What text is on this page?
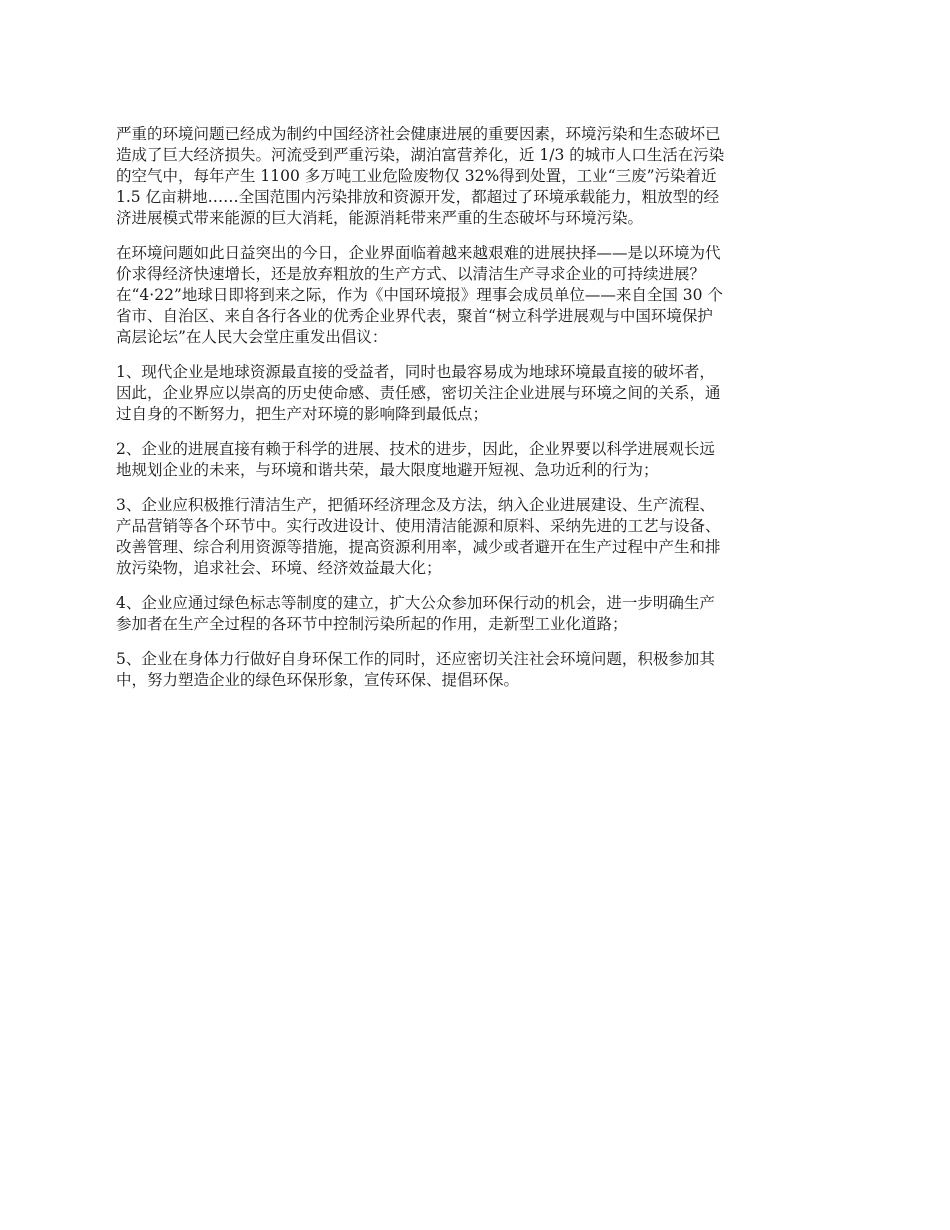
严重的环境问题已经成为制约中国经济社会健康进展的重要因素，环境污染和生态破坏已
造成了巨大经济损失。河流受到严重污染，湖泊富营养化，近 1/3 的城市人口生活在污染
的空气中，每年产生 1100 多万吨工业危险废物仅 32%得到处置，工业“三废”污染着近
1.5 亿亩耕地……全国范围内污染排放和资源开发，都超过了环境承载能力，粗放型的经
济进展模式带来能源的巨大消耗，能源消耗带来严重的生态破坏与环境污染。

在环境问题如此日益突出的今日，企业界面临着越来越艰难的进展抉择——是以环境为代
价求得经济快速增长，还是放弃粗放的生产方式、以清洁生产寻求企业的可持续进展？
在“4·22”地球日即将到来之际，作为《中国环境报》理事会成员单位——来自全国 30 个
省市、自治区、来自各行各业的优秀企业界代表，聚首“树立科学进展观与中国环境保护
高层论坛”在人民大会堂庄重发出倡议：

1、现代企业是地球资源最直接的受益者，同时也最容易成为地球环境最直接的破坏者，
因此，企业界应以崇高的历史使命感、责任感，密切关注企业进展与环境之间的关系，通
过自身的不断努力，把生产对环境的影响降到最低点；

2、企业的进展直接有赖于科学的进展、技术的进步，因此，企业界要以科学进展观长远
地规划企业的未来，与环境和谐共荣，最大限度地避开短视、急功近利的行为；

3、企业应积极推行清洁生产，把循环经济理念及方法，纳入企业进展建设、生产流程、
产品营销等各个环节中。实行改进设计、使用清洁能源和原料、采纳先进的工艺与设备、
改善管理、综合利用资源等措施，提高资源利用率，减少或者避开在生产过程中产生和排
放污染物，追求社会、环境、经济效益最大化；

4、企业应通过绿色标志等制度的建立，扩大公众参加环保行动的机会，进一步明确生产
参加者在生产全过程的各环节中控制污染所起的作用，走新型工业化道路；

5、企业在身体力行做好自身环保工作的同时，还应密切关注社会环境问题，积极参加其
中，努力塑造企业的绿色环保形象，宣传环保、提倡环保。
